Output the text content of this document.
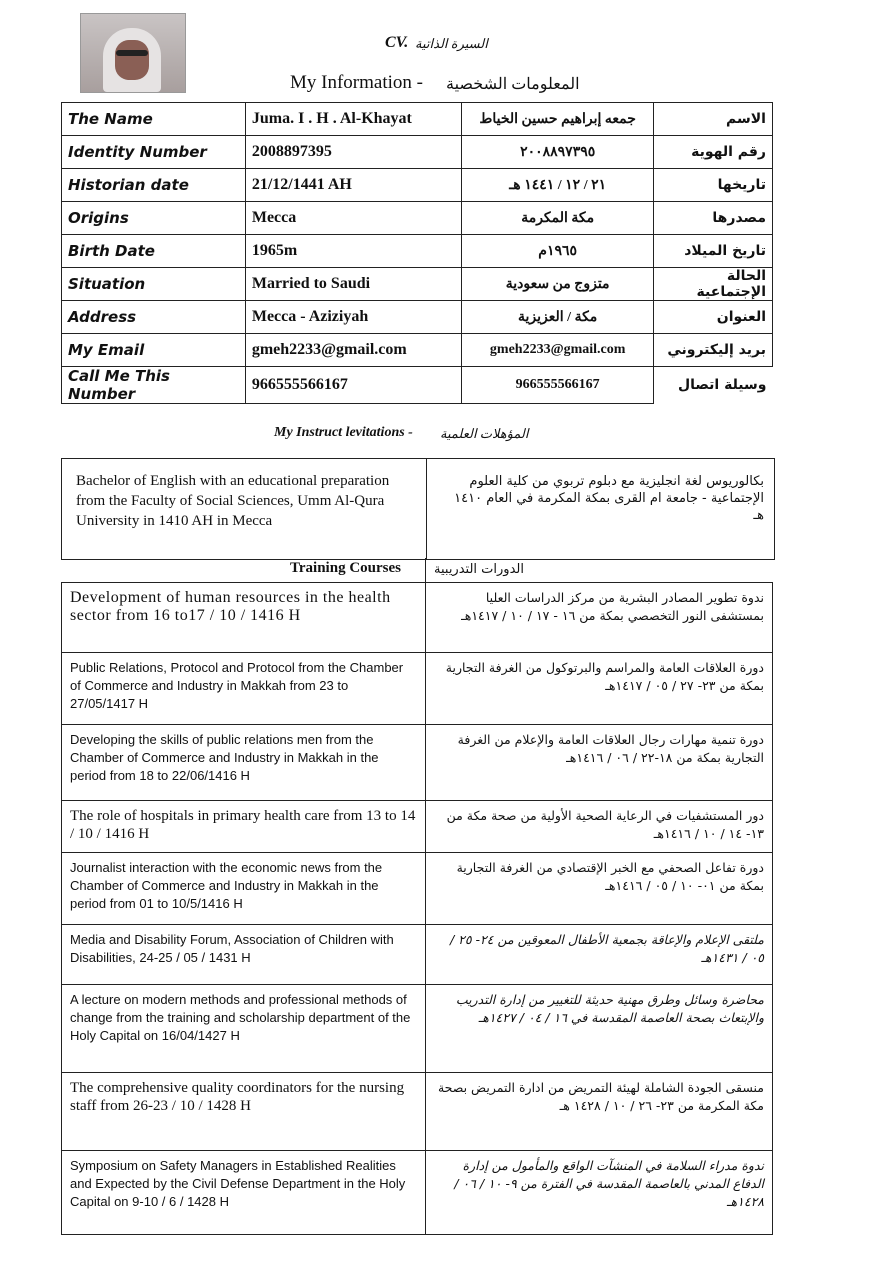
CV. السيرة الذاتية
My Information - المعلومات الشخصية
The Name	Juma. I . H . Al-Khayat	جمعه إبراهيم حسين الخياط	الاسم
Identity Number	2008897395	٢٠٠٨٨٩٧٣٩٥	رقم الهوية
Historian date	21/12/1441 AH	٢١ / ١٢ / ١٤٤١ هـ	تاريخها
Origins	Mecca	مكة المكرمة	مصدرها
Birth Date	1965m	١٩٦٥م	تاريخ الميلاد
Situation	Married to Saudi	متزوج من سعودية	الحالة الإجتماعية
Address	Mecca - Aziziyah	مكة / العزيزية	العنوان
My Email	gmeh2233@gmail.com	gmeh2233@gmail.com	بريد إليكتروني
Call Me This Number	966555566167	966555566167	وسيلة اتصال
My Instruct levitations - المؤهلات العلمية
Bachelor of English with an educational preparation from the Faculty of Social Sciences, Umm Al-Qura University in 1410 AH in Mecca
بكالوريوس لغة انجليزية مع دبلوم تربوي من كلية العلوم الإجتماعية - جامعة ام القرى بمكة المكرمة في العام ١٤١٠ هـ
Training Courses	الدورات التدريبية
Development of human resources in the health sector from 16 to17 / 10 / 1416 H	ندوة تطوير المصادر البشرية من مركز الدراسات العليا بمستشفى النور التخصصي بمكة من ١٦ - ١٧ / ١٠ / ١٤١٧هـ
Public Relations, Protocol and Protocol from the Chamber of Commerce and Industry in Makkah from 23 to 27/05/1417 H	دورة العلاقات العامة والمراسم والبرتوكول من الغرفة التجارية بمكة من ٢٣- ٢٧ / ٠٥ / ١٤١٧هـ
Developing the skills of public relations men from the Chamber of Commerce and Industry in Makkah in the period from 18 to 22/06/1416 H	دورة تنمية مهارات رجال العلاقات العامة والإعلام من الغرفة التجارية بمكة من ١٨-٢٢ / ٠٦ / ١٤١٦هـ
The role of hospitals in primary health care from 13 to 14 / 10 / 1416 H	دور المستشفيات في الرعاية الصحية الأولية من صحة مكة من ١٣- ١٤ / ١٠ / ١٤١٦هـ
Journalist interaction with the economic news from the Chamber of Commerce and Industry in Makkah in the period from 01 to 10/5/1416 H	دورة تفاعل الصحفي مع الخبر الإقتصادي من الغرفة التجارية بمكة من ٠١- ١٠ / ٠٥ / ١٤١٦هـ
Media and Disability Forum, Association of Children with Disabilities, 24-25 / 05 / 1431 H	ملتقى الإعلام والإعاقة بجمعية الأطفال المعوقين من ٢٤- ٢٥ / ٠٥ / ١٤٣١هـ
A lecture on modern methods and professional methods of change from the training and scholarship department of the Holy Capital on 16/04/1427 H	محاضرة وسائل وطرق مهنية حديثة للتغيير من إدارة التدريب والإبتعاث بصحة العاصمة المقدسة في ١٦ / ٠٤ / ١٤٢٧هـ
The comprehensive quality coordinators for the nursing staff from 26-23 / 10 / 1428 H	منسقى الجودة الشاملة لهيئة التمريض من ادارة التمريض بصحة مكة المكرمة من ٢٣- ٢٦ / ١٠ / ١٤٢٨ هـ
Symposium on Safety Managers in Established Realities and Expected by the Civil Defense Department in the Holy Capital on 9-10 / 6 / 1428 H	ندوة مدراء السلامة في المنشآت الواقع والمأمول من إدارة الدفاع المدني بالعاصمة المقدسة في الفترة من ٩- ١٠ / ٠٦ / ١٤٢٨هـ
